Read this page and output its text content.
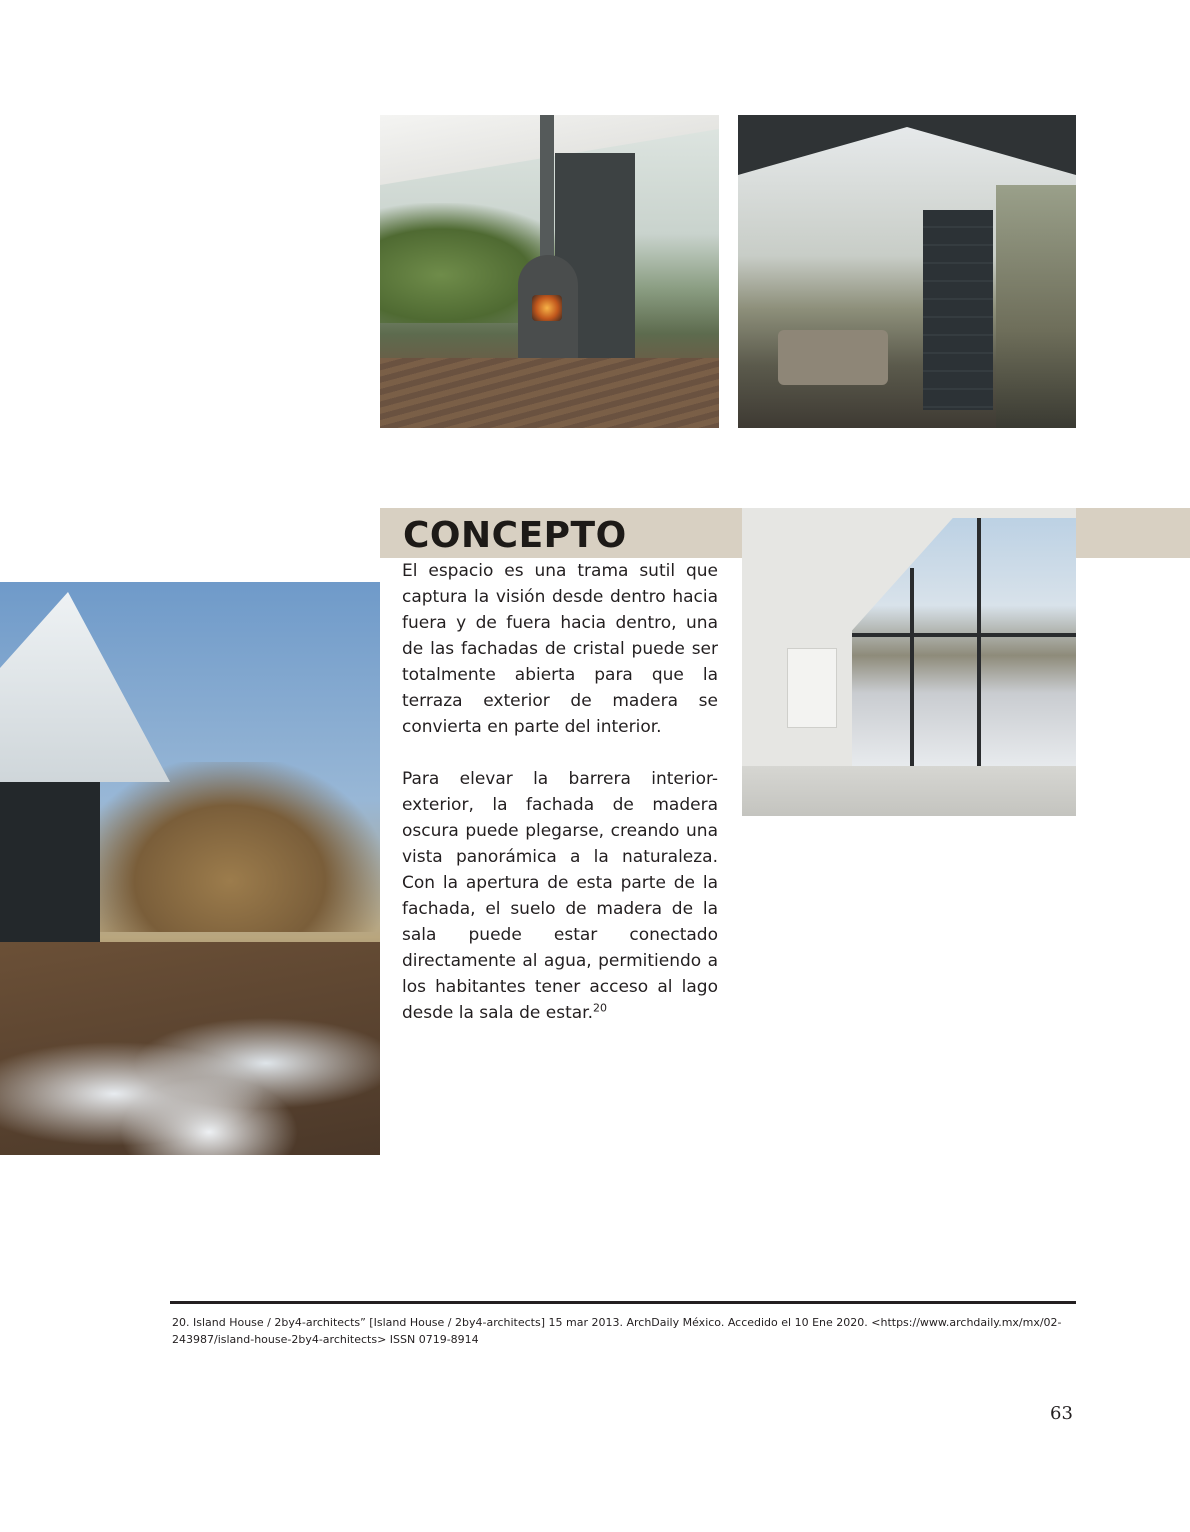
CONCEPTO

El espacio es una trama sutil que captura la visión desde dentro hacia fuera y de fuera hacia dentro, una de las fachadas de cristal puede ser totalmente abierta para que la terraza exterior de madera se convierta en parte del interior.

Para elevar la barrera interior-exterior, la fachada de madera oscura puede plegarse, creando una vista panorámica a la naturaleza. Con la apertura de esta parte de la fachada, el suelo de madera de la sala puede estar conectado directamente al agua, permitiendo a los habitantes tener acceso al lago desde la sala de estar.$^{20}$

20. Island House / 2by4-architects” [Island House / 2by4-architects] 15 mar 2013. ArchDaily México. Accedido el 10 Ene 2020. <https://www.archdaily.mx/mx/02-243987/island-house-2by4-architects> ISSN 0719-8914

63
